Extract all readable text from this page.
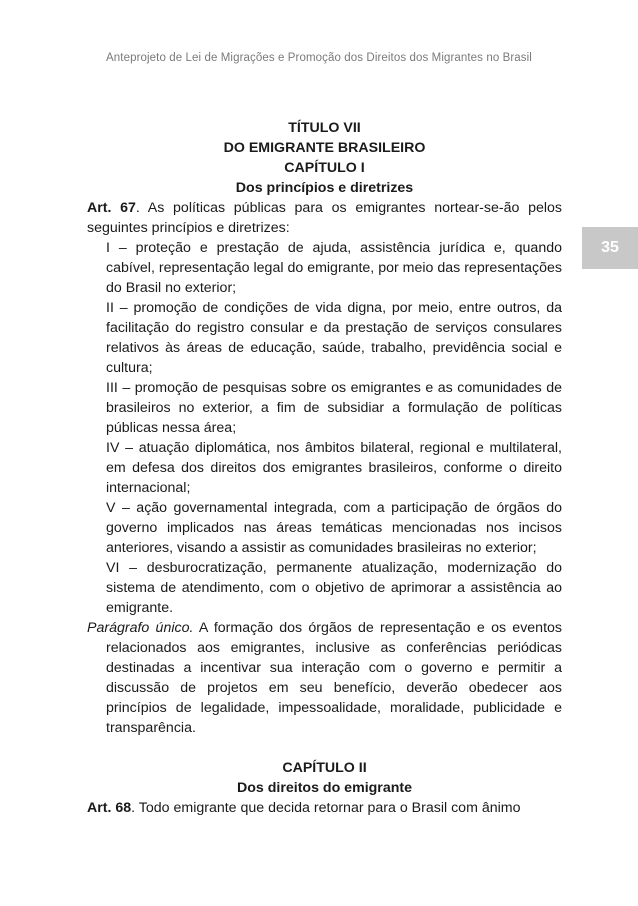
Anteprojeto de Lei de Migrações e Promoção dos Direitos dos Migrantes no Brasil
35
TÍTULO VII
DO EMIGRANTE BRASILEIRO
CAPÍTULO I
Dos princípios e diretrizes

Art. 67. As políticas públicas para os emigrantes nortear-se-ão pelos seguintes princípios e diretrizes:

I – proteção e prestação de ajuda, assistência jurídica e, quando cabível, representação legal do emigrante, por meio das representações do Brasil no exterior;

II – promoção de condições de vida digna, por meio, entre outros, da facilitação do registro consular e da prestação de serviços consulares relativos às áreas de educação, saúde, trabalho, previdência social e cultura;

III – promoção de pesquisas sobre os emigrantes e as comunidades de brasileiros no exterior, a fim de subsidiar a formulação de políticas públicas nessa área;

IV – atuação diplomática, nos âmbitos bilateral, regional e multilateral, em defesa dos direitos dos emigrantes brasileiros, conforme o direito internacional;

V – ação governamental integrada, com a participação de órgãos do governo implicados nas áreas temáticas mencionadas nos incisos anteriores, visando a assistir as comunidades brasileiras no exterior;

VI – desburocratização, permanente atualização, modernização do sistema de atendimento, com o objetivo de aprimorar a assistência ao emigrante.

Parágrafo único. A formação dos órgãos de representação e os eventos relacionados aos emigrantes, inclusive as conferências periódicas destinadas a incentivar sua interação com o governo e permitir a discussão de projetos em seu benefício, deverão obedecer aos princípios de legalidade, impessoalidade, moralidade, publicidade e transparência.

CAPÍTULO II
Dos direitos do emigrante

Art. 68. Todo emigrante que decida retornar para o Brasil com ânimo
